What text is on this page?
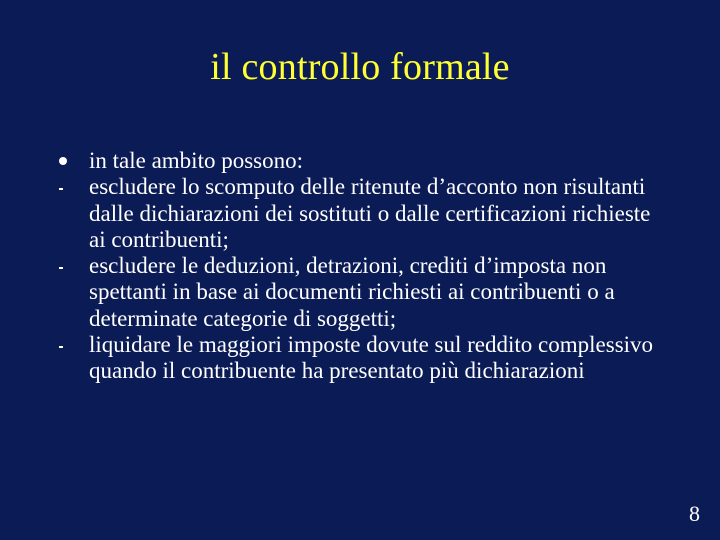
il controllo formale
in tale ambito possono:
escludere lo scomputo delle ritenute d’acconto non risultanti dalle dichiarazioni dei sostituti o dalle certificazioni richieste ai contribuenti;
escludere le deduzioni, detrazioni, crediti d’imposta non spettanti in base ai documenti richiesti ai contribuenti o a determinate categorie di soggetti;
liquidare le maggiori imposte dovute sul reddito complessivo quando il contribuente ha presentato più dichiarazioni
8
